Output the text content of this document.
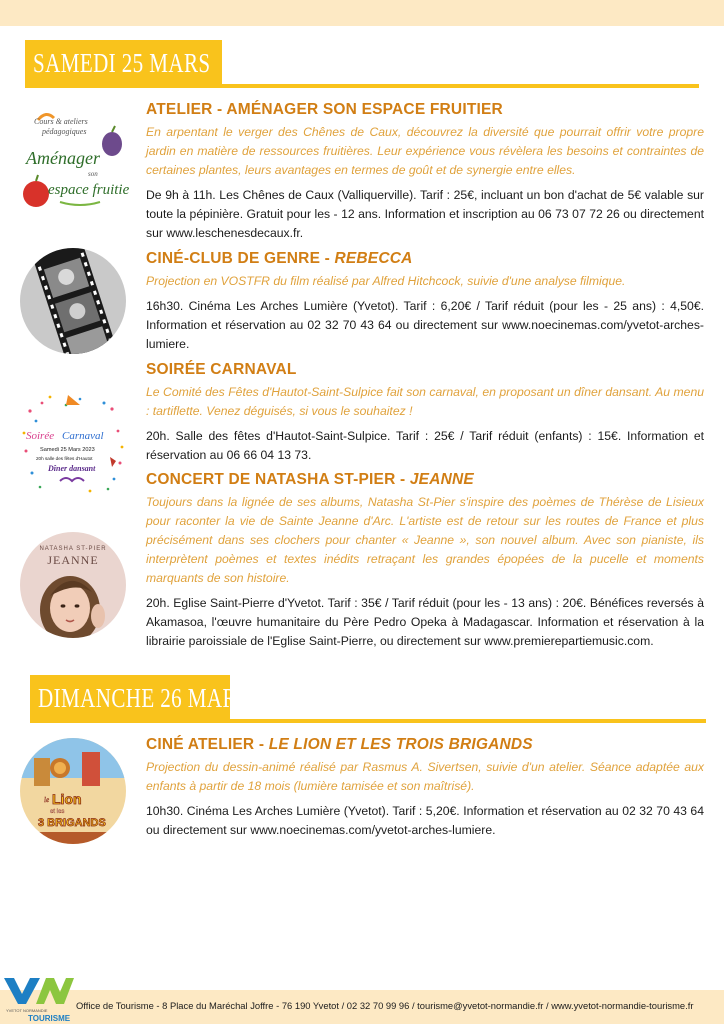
SAMEDI 25 MARS
Cours & ateliers
pédagogiques
Aménager
son
espace fruitie
ATELIER - AMÉNAGER SON ESPACE FRUITIER

En arpentant le verger des Chênes de Caux, découvrez la diversité que pourrait offrir votre propre jardin en matière de ressources fruitières. Leur expérience vous révèlera les besoins et contraintes de certaines plantes, leurs avantages en termes de goût et de synergie entre elles.

De 9h à 11h. Les Chênes de Caux (Valliquerville). Tarif : 25€, incluant un bon d'achat de 5€ valable sur toute la pépinière. Gratuit pour les - 12 ans. Information et inscription au 06 73 07 72 26 ou directement sur www.leschenesdecaux.fr.

CINÉ-CLUB DE GENRE - REBECCA

Projection en VOSTFR du film réalisé par Alfred Hitchcock, suivie d'une analyse filmique.

16h30. Cinéma Les Arches Lumière (Yvetot). Tarif : 6,20€ / Tarif réduit (pour les - 25 ans) : 4,50€. Information et réservation au 02 32 70 43 64 ou directement sur www.noecinemas.com/yvetot-arches-lumiere.

Soirée Carnaval
Samedi 25 Mars 2023
20h salle des fêtes d'Hautot
Dîner dansant
SOIRÉE CARNAVAL

Le Comité des Fêtes d'Hautot-Saint-Sulpice fait son carnaval, en proposant un dîner dansant. Au menu : tartiflette. Venez déguisés, si vous le souhaitez !

20h. Salle des fêtes d'Hautot-Saint-Sulpice. Tarif : 25€ / Tarif réduit (enfants) : 15€. Information et réservation au 06 66 04 13 73.

NATASHA ST-PIER
JEANNE
CONCERT DE NATASHA ST-PIER - JEANNE

Toujours dans la lignée de ses albums, Natasha St-Pier s'inspire des poèmes de Thérèse de Lisieux pour raconter la vie de Sainte Jeanne d'Arc. L'artiste est de retour sur les routes de France et plus précisément dans ses clochers pour chanter « Jeanne », son nouvel album. Avec son pianiste, ils interprètent poèmes et textes inédits retraçant les grandes épopées de la pucelle et moments marquants de son histoire.

20h. Eglise Saint-Pierre d'Yvetot. Tarif : 35€ / Tarif réduit (pour les - 13 ans) : 20€. Bénéfices reversés à Akamasoa, l'œuvre humanitaire du Père Pedro Opeka à Madagascar. Information et réservation à la librairie paroissiale de l'Eglise Saint-Pierre, ou directement sur www.premierepartiemusic.com.

DIMANCHE 26 MARS
le Lion
et les
3 BRIGANDS
CINÉ ATELIER - LE LION ET LES TROIS BRIGANDS

Projection du dessin-animé réalisé par Rasmus A. Sivertsen, suivie d'un atelier. Séance adaptée aux enfants à partir de 18 mois (lumière tamisée et son maîtrisé).

10h30. Cinéma Les Arches Lumière (Yvetot). Tarif : 5,20€. Information et réservation au 02 32 70 43 64 ou directement sur www.noecinemas.com/yvetot-arches-lumiere.

Office de Tourisme - 8 Place du Maréchal Joffre - 76 190 Yvetot / 02 32 70 99 96 / tourisme@yvetot-normandie.fr / www.yvetot-normandie-tourisme.fr
YVETOT NORMANDIE
TOURISME
